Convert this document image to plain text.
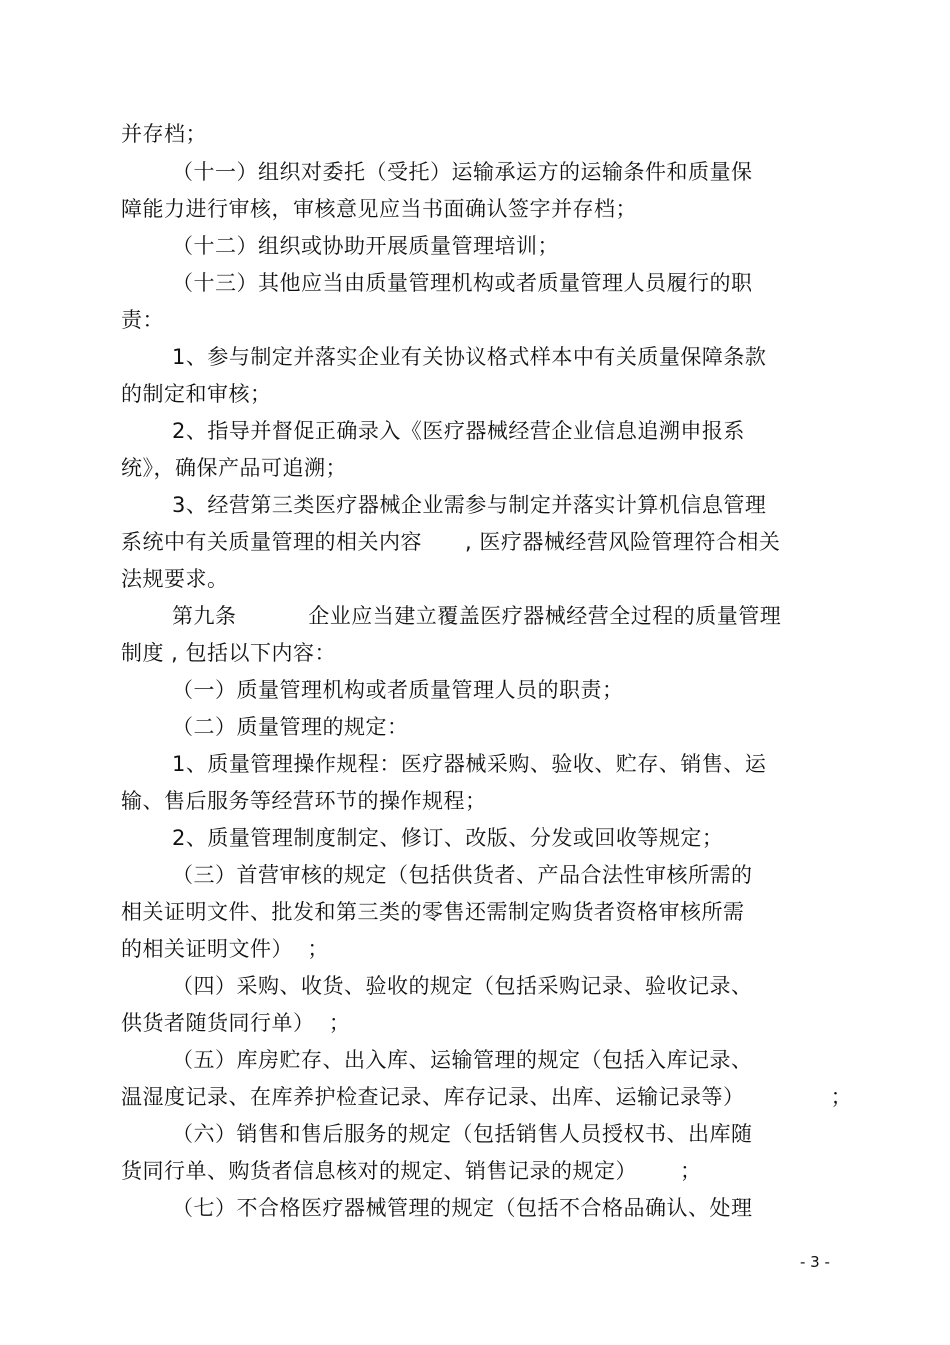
并存档；
（十一）组织对委托（受托）运输承运方的运输条件和质量保
障能力进行审核，审核意见应当书面确认签字并存档；
（十二）组织或协助开展质量管理培训；
（十三）其他应当由质量管理机构或者质量管理人员履行的职
责：
1、参与制定并落实企业有关协议格式样本中有关质量保障条款
的制定和审核；
2、指导并督促正确录入《医疗器械经营企业信息追溯申报系
统》，确保产品可追溯；
3、经营第三类医疗器械企业需参与制定并落实计算机信息管理
系统中有关质量管理的相关内容      , 医疗器械经营风险管理符合相关
法规要求。
第九条          企业应当建立覆盖医疗器械经营全过程的质量管理
制度 , 包括以下内容：
（一）质量管理机构或者质量管理人员的职责；
（二）质量管理的规定：
1、质量管理操作规程：医疗器械采购、验收、贮存、销售、运
输、售后服务等经营环节的操作规程；
2、质量管理制度制定、修订、改版、分发或回收等规定；
（三）首营审核的规定（包括供货者、产品合法性审核所需的
相关证明文件、批发和第三类的零售还需制定购货者资格审核所需
的相关证明文件）  ；
（四）采购、收货、验收的规定（包括采购记录、验收记录、
供货者随货同行单）  ；
（五）库房贮存、出入库、运输管理的规定（包括入库记录、
温湿度记录、在库养护检查记录、库存记录、出库、运输记录等）            ；
（六）销售和售后服务的规定（包括销售人员授权书、出库随
货同行单、购货者信息核对的规定、销售记录的规定）      ；
（七）不合格医疗器械管理的规定（包括不合格品确认、处理
- 3 -
